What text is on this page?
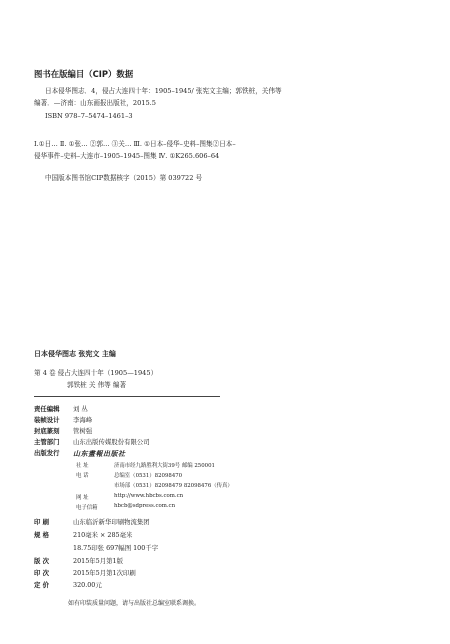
图书在版编目（CIP）数据
日本侵华图志．4，侵占大连四十年：1905–1945/ 张宪文主编；郭铁桩，关伟等
编著．—济南：山东画报出版社，2015.5
ISBN 978–7–5474–1461–3
Ⅰ.①日… Ⅱ. ①张… ②郭… ③关… Ⅲ. ①日本–侵华–史料–图集②日本–
侵华事件–史料–大连市–1905–1945–图集 Ⅳ. ①K265.606–64
中国版本图书馆CIP数据核字（2015）第 039722 号
日本侵华图志 张宪文 主编
第 4 卷 侵占大连四十年（1905—1945）
郭铁桩 关 伟等 编著
责任编辑 刘 丛
装帧设计 李海峰
封底篆刻 管树强
主管部门 山东出版传媒股份有限公司
出版发行 山东畫報出版社
社 址	济南市经九路胜利大街39号 邮编 250001
电 话	总编室（0531）82098470
市场部（0531）82098479 82098476（传真）
网 址	http://www.hbcbs.com.cn
电子信箱	hbcb@sdpress.com.cn
印 刷	山东临沂新华印刷物流集团
规 格	210毫米 × 285毫米
18.75印张 697幅图 100千字
版 次	2015年5月第1版
印 次	2015年5月第1次印刷
定 价	320.00元
如有印装质量问题，请与出版社总编室联系调换。
